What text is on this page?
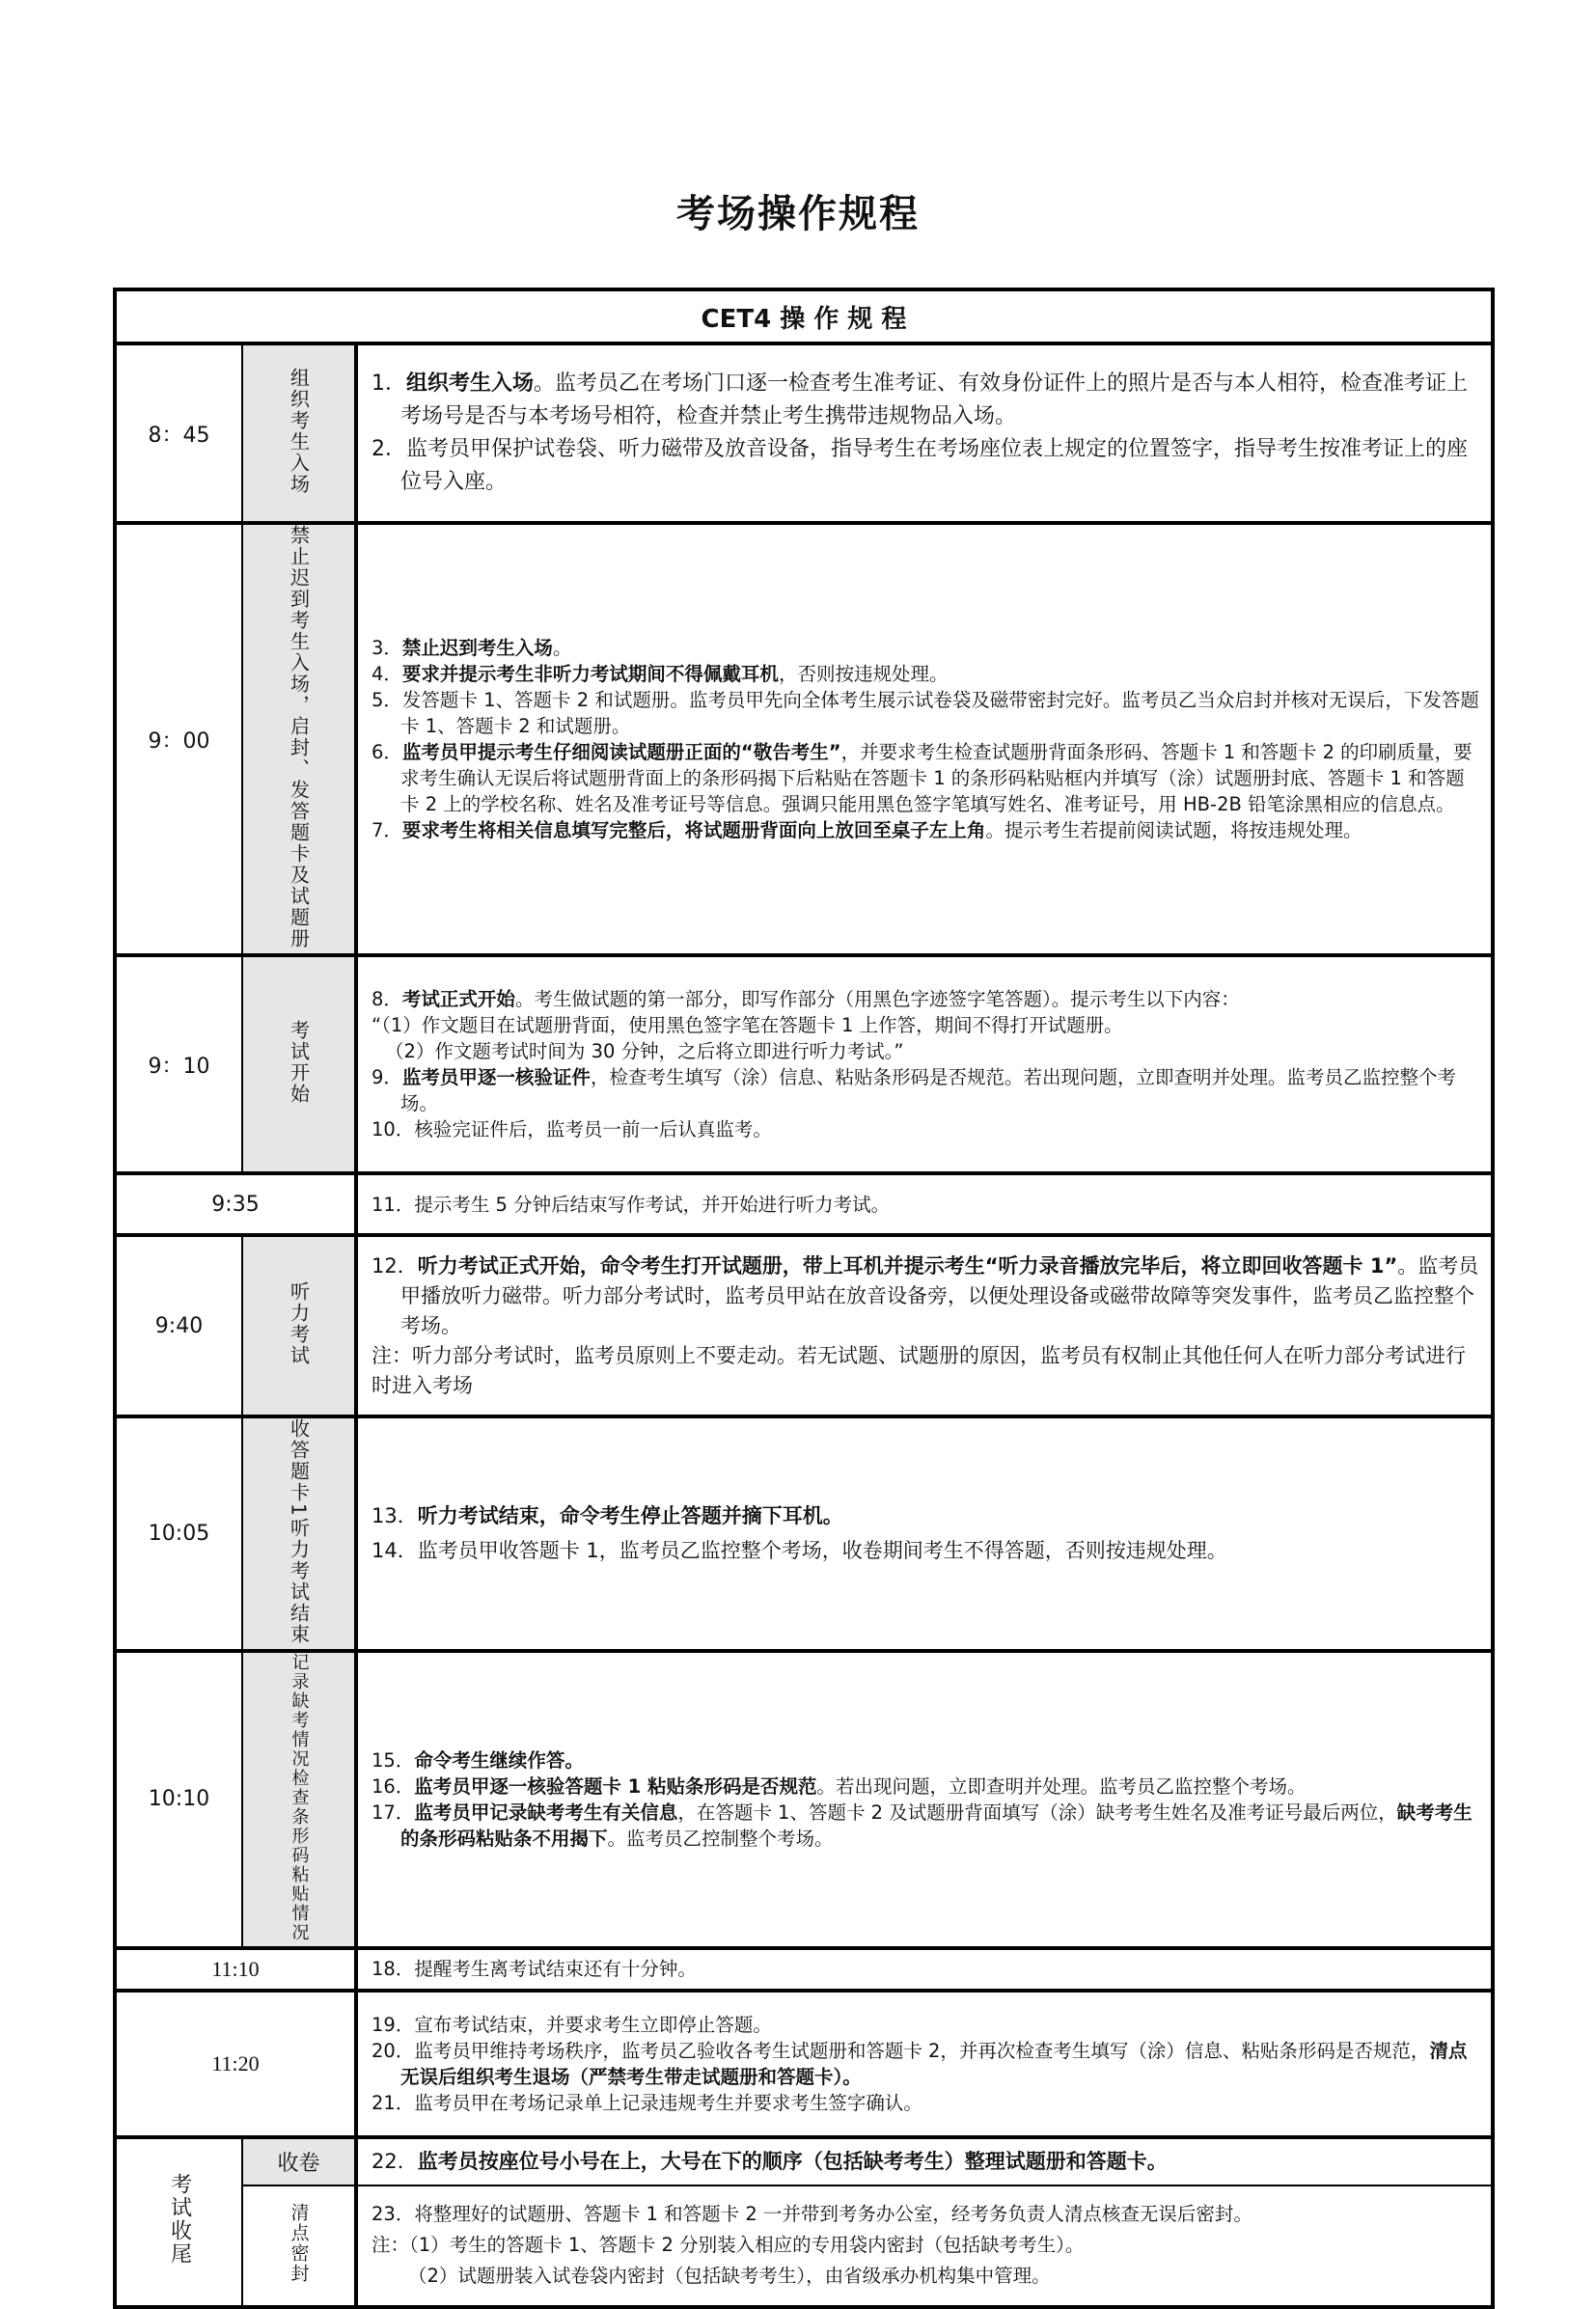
考场操作规程
CET4 操 作 规 程		
8：45	组织考生入场	1．组织考生入场。监考员乙在考场门口逐一检查考生准考证、有效身份证件上的照片是否与本人相符，检查准考证上考场号是否与本考场号相符，检查并禁止考生携带违规物品入场。

2．监考员甲保护试卷袋、听力磁带及放音设备，指导考生在考场座位表上规定的位置签字，指导考生按准考证上的座位号入座。

9：00	禁止迟到考生入场，启封、发答题卡及试题册	3．禁止迟到考生入场。

4．要求并提示考生非听力考试期间不得佩戴耳机，否则按违规处理。

5．发答题卡 1、答题卡 2 和试题册。监考员甲先向全体考生展示试卷袋及磁带密封完好。监考员乙当众启封并核对无误后，下发答题卡 1、答题卡 2 和试题册。

6．监考员甲提示考生仔细阅读试题册正面的“敬告考生”，并要求考生检查试题册背面条形码、答题卡 1 和答题卡 2 的印刷质量，要求考生确认无误后将试题册背面上的条形码揭下后粘贴在答题卡 1 的条形码粘贴框内并填写（涂）试题册封底、答题卡 1 和答题卡 2 上的学校名称、姓名及准考证号等信息。强调只能用黑色签字笔填写姓名、准考证号，用 HB-2B 铅笔涂黑相应的信息点。

7．要求考生将相关信息填写完整后，将试题册背面向上放回至桌子左上角。提示考生若提前阅读试题，将按违规处理。

9：10	考试开始	8．考试正式开始。考生做试题的第一部分，即写作部分（用黑色字迹签字笔答题）。提示考生以下内容：

“（1）作文题目在试题册背面，使用黑色签字笔在答题卡 1 上作答，期间不得打开试题册。

（2）作文题考试时间为 30 分钟，之后将立即进行听力考试。”

9．监考员甲逐一核验证件，检查考生填写（涂）信息、粘贴条形码是否规范。若出现问题，立即查明并处理。监考员乙监控整个考场。

10．核验完证件后，监考员一前一后认真监考。

9:35		11．提示考生 5 分钟后结束写作考试，并开始进行听力考试。

9:40	听力考试	12．听力考试正式开始，命令考生打开试题册，带上耳机并提示考生“听力录音播放完毕后，将立即回收答题卡 1”。监考员甲播放听力磁带。听力部分考试时，监考员甲站在放音设备旁，以便处理设备或磁带故障等突发事件，监考员乙监控整个考场。

注：听力部分考试时，监考员原则上不要走动。若无试题、试题册的原因，监考员有权制止其他任何人在听力部分考试进行时进入考场

10:05	收答题卡1听力考试结束	13．听力考试结束，命令考生停止答题并摘下耳机。

14．监考员甲收答题卡 1，监考员乙监控整个考场，收卷期间考生不得答题，否则按违规处理。

10:10	记录缺考情况检查条形码粘贴情况	15．命令考生继续作答。

16．监考员甲逐一核验答题卡 1 粘贴条形码是否规范。若出现问题，立即查明并处理。监考员乙监控整个考场。

17．监考员甲记录缺考考生有关信息，在答题卡 1、答题卡 2 及试题册背面填写（涂）缺考考生姓名及准考证号最后两位，缺考考生的条形码粘贴条不用揭下。监考员乙控制整个考场。

11:10		18．提醒考生离考试结束还有十分钟。

11:20		19．宣布考试结束，并要求考生立即停止答题。

20．监考员甲维持考场秩序，监考员乙验收各考生试题册和答题卡 2，并再次检查考生填写（涂）信息、粘贴条形码是否规范，清点无误后组织考生退场（严禁考生带走试题册和答题卡）。

21．监考员甲在考场记录单上记录违规考生并要求考生签字确认。

考试收尾	收卷	22．监考员按座位号小号在上，大号在下的顺序（包括缺考考生）整理试题册和答题卡。

	清点密封	23．将整理好的试题册、答题卡 1 和答题卡 2 一并带到考务办公室，经考务负责人清点核查无误后密封。

注：（1）考生的答题卡 1、答题卡 2 分别装入相应的专用袋内密封（包括缺考考生）。

（2）试题册装入试卷袋内密封（包括缺考考生），由省级承办机构集中管理。
